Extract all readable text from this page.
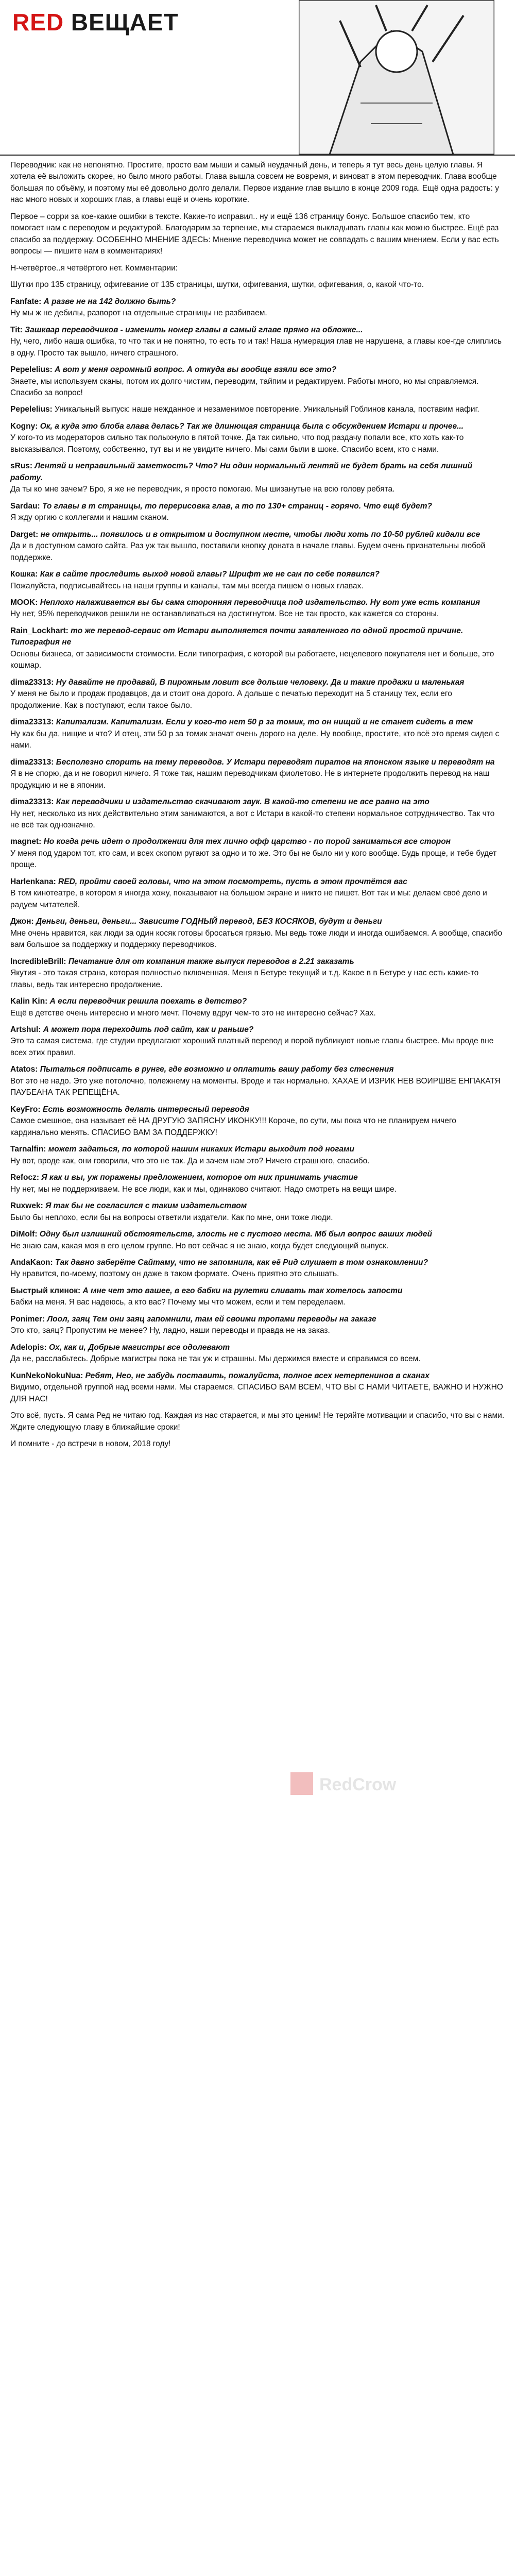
RED ВЕЩАЕТ

Переводчик: как не непонятно. Простите, просто вам мыши и самый неудачный день, и теперь я тут весь день целую главы. Я хотела её выложить скорее, но было много работы. Глава вышла совсем не вовремя, и виноват в этом переводчик. Глава вообще большая по объёму, и поэтому мы её довольно долго делали. Первое издание глав вышло в конце 2009 года. Ещё одна радость: у нас много новых и хороших глав, а главы ещё и очень короткие.

Первое – сорри за кое-какие ошибки в тексте. Какие-то исправил.. ну и ещё 136 страницу бонус. Большое спасибо тем, кто помогает нам с переводом и редактурой. Благодарим за терпение, мы стараемся выкладывать главы как можно быстрее. Ещё раз спасибо за поддержку. ОСОБЕННО МНЕНИЕ ЗДЕСЬ: Мнение переводчика может не совпадать с вашим мнением. Если у вас есть вопросы — пишите нам в комментариях!

Н-четвёртое..я четвёртого нет. Комментарии:

Шутки про 135 страницу, офигевание от 135 страницы, шутки, офигевания, шутки, офигевания, о, какой что-то.

Fanfate: А разве не на 142 должно быть?
Ну мы ж не дебилы, разворот на отдельные страницы не разбиваем.

Tit: Зашквар переводчиков - изменить номер главы в самый главе прямо на обложке...
Ну, чего, либо наша ошибка, то что так и не понятно, то есть то и так! Наша нумерация глав не нарушена, а главы кое-где слиплись в одну. Просто так вышло, ничего страшного.

Pepelelius: А вот у меня огромный вопрос. А откуда вы вообще взяли все это?
Знаете, мы используем сканы, потом их долго чистим, переводим, тайпим и редактируем. Работы много, но мы справляемся. Спасибо за вопрос!

Pepelelius: Уникальный выпуск: наше нежданное и незаменимое повторение. Уникальный Гоблинов канала, поставим нафиг.

Kogny: Ок, а куда это блоба глава делась? Так же длинющая страница была с обсуждением Истари и прочее...
У кого-то из модераторов сильно так полыхнуло в пятой точке. Да так сильно, что под раздачу попали все, кто хоть как-то высказывался. Поэтому, собственно, тут вы и не увидите ничего. Мы сами были в шоке. Спасибо всем, кто с нами.

sRus: Лентяй и неправильный заметкость? Что? Ни один нормальный лентяй не будет брать на себя лишний работу.
Да ты ко мне зачем? Бро, я же не переводчик, я просто помогаю. Мы шизанутые на всю голову ребята.

Sardau: То главы в т страницы, то перерисовка глав, а то по 130+ страниц - горячо. Что ещё будет?
Я жду оргию с коллегами и нашим сканом.

Darget: не открыть... появилось и в открытом и доступном месте, чтобы люди хоть по 10-50 рублей кидали все
Да и в доступном самого сайта. Раз уж так вышло, поставили кнопку доната в начале главы. Будем очень признательны любой поддержке.

Кошка: Как в сайте проследить выход новой главы? Шрифт же не сам по себе появился?
Пожалуйста, подписывайтесь на наши группы и каналы, там мы всегда пишем о новых главах.

MOOK: Неплохо налаживается вы бы сама сторонняя переводчица под издательство. Ну вот уже есть компания
Ну нет, 95% переводчиков решили не останавливаться на достигнутом. Все не так просто, как кажется со стороны.

Rain_Lockhart: то же перевод-сервис от Истари выполняется почти заявленного по одной простой причине. Типография не
Основы бизнеса, от зависимости стоимости. Если типография, с которой вы работаете, нецелевого покупателя нет и больше, это кошмар.

dima23313: Ну давайте не продавай, В пирожным ловит все дольше человеку. Да и такие продажи и маленькая
У меня не было и продаж продавцов, да и стоит она дорого. А дольше с печатью переходит на 5 станицу тех, если его продолжение. Как в поступают, если такое было.

dima23313: Капитализм. Капитализм. Если у кого-то нет 50 р за томик, то он нищий и не станет сидеть в тем
Ну как бы да, нищие и что? И отец, эти 50 р за томик значат очень дорого на деле. Ну вообще, простите, кто всё это время сидел с нами.

dima23313: Бесполезно спорить на тему переводов. У Истари переводят пиратов на японском языке и переводят на
Я в не спорю, да и не говорил ничего. Я тоже так, нашим переводчикам фиолетово. Не в интернете продолжить перевод на наш продукцию и не в японии.

dima23313: Как переводчики и издательство скачивают звук. В какой-то степени не все равно на это
Ну нет, несколько из них действительно этим занимаются, а вот с Истари в какой-то степени нормальное сотрудничество. Так что не всё так однозначно.

magnet: Но когда речь идет о продолжении для тех лично офф царство - по порой заниматься все сторон
У меня под ударом тот, кто сам, и всех скопом ругают за одно и то же. Это бы не было ни у кого вообще. Будь проще, и тебе будет проще.

Harlenkana: RED, пройти своей головы, что на этом посмотреть, пусть в этом прочтётся вас
В том кинотеатре, в котором я иногда хожу, показывают на большом экране и никто не пишет. Вот так и мы: делаем своё дело и радуем читателей.

Джон: Деньги, деньги, деньги... Зависите ГОДНЫЙ перевод, БЕЗ КОСЯКОВ, будут и деньги
Мне очень нравится, как люди за один косяк готовы бросаться грязью. Мы ведь тоже люди и иногда ошибаемся. А вообще, спасибо вам большое за поддержку и поддержку переводчиков.

IncredibleBrill: Печатание для от компания также выпуск переводов в 2.21 заказать
Якутия - это такая страна, которая полностью включенная. Меня в Бетуре текущий и т.д. Какое в в Бетуре у нас есть какие-то главы, ведь так интересно продолжение.

Kalin Kin: А если переводчик решила поехать в детство?
Ещё в детстве очень интересно и много мечт. Почему вдруг чем-то это не интересно сейчас? Хах.

Artshul: А может пора переходить под сайт, как и раньше?
Это та самая система, где студии предлагают хороший платный перевод и порой публикуют новые главы быстрее. Мы вроде вне всех этих правил.

Atatos: Пытаться подписать в рунге, где возможно и оплатить вашу работу без стеснения
Вот это не надо. Это уже потолочно, полежнему на моменты. Вроде и так нормально. ХАХАЕ И ИЗРИК НЕВ ВОИРШВЕ ЕНПАКАТЯ ПАУБЕАНА ТАК РЕПЕЩЁНА.

KeyFro: Есть возможность делать интересный переводя
Самое смешное, она называет её НА ДРУГУЮ ЗАПЯСНУ ИКОНКУ!!! Короче, по сути, мы пока что не планируем ничего кардинально менять. СПАСИБО ВАМ ЗА ПОДДЕРЖКУ!

Tarnalfin: может задаться, по которой нашим никаких Истари выходит под ногами
Ну вот, вроде как, они говорили, что это не так. Да и зачем нам это? Ничего страшного, спасибо.

Refocz: Я как и вы, уж поражены предложением, которое от них принимать участие
Ну нет, мы не поддерживаем. Не все люди, как и мы, одинаково считают. Надо смотреть на вещи шире.

Ruxwek: Я так бы не согласился с таким издательством
Было бы неплохо, если бы на вопросы ответили издатели. Как по мне, они тоже люди.

DiMolf: Одну был излишний обстоятельств, злость не с пустого места. Мб был вопрос ваших людей
Не знаю сам, какая моя в его целом группе. Но вот сейчас я не знаю, когда будет следующий выпуск.

AndaKaon: Так давно заберёте Сайтаму, что не запомнила, как её Рид слушает в том ознакомлении?
Ну нравится, по-моему, поэтому он даже в таком формате. Очень приятно это слышать.

Быстрый клинок: А мне чет это вашее, в его бабки на рулетки сливать так хотелось запости
Бабки на меня. Я вас надеюсь, а кто вас? Почему мы что можем, если и тем переделаем.

Ponimer: Лоол, заяц Тем они заяц запомнили, там ей своими тропами переводы на заказе
Это кто, заяц? Пропустим не менее? Ну, ладно, наши переводы и правда не на заказ.

Adelopis: Ох, как и, Добрые магистры все одолевают
Да не, расслабьтесь. Добрые магистры пока не так уж и страшны. Мы держимся вместе и справимся со всем.

KunNekoNokuNua: Ребят, Нео, не забудь поставить, пожалуйста, полное всех нетерпенинов в сканах
Видимо, отдельной группой над всеми нами. Мы стараемся. СПАСИБО ВАМ ВСЕМ, ЧТО ВЫ С НАМИ ЧИТАЕТЕ, ВАЖНО И НУЖНО ДЛЯ НАС!

Это всё, пусть. Я сама Ред не читаю год. Каждая из нас старается, и мы это ценим! Не теряйте мотивации и спасибо, что вы с нами. Ждите следующую главу в ближайшие сроки!

И помните - до встречи в новом, 2018 году!

RedCrow
